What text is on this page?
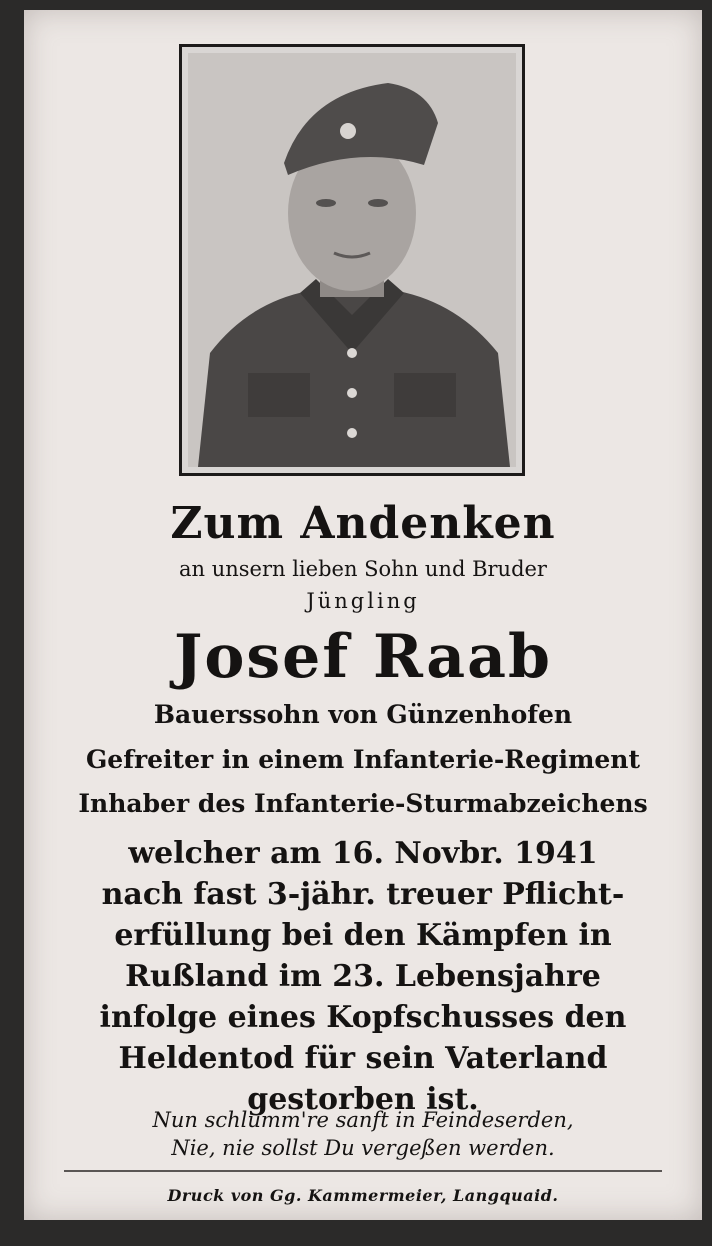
Zum Andenken
an unsern lieben Sohn und Bruder
Jüngling
Josef Raab
Bauerssohn von Günzenhofen
Gefreiter in einem Infanterie-Regiment
Inhaber des Infanterie-Sturmabzeichens
welcher am 16. Novbr. 1941
nach fast 3-jähr. treuer Pflicht-
erfüllung bei den Kämpfen in
Rußland im 23. Lebensjahre
infolge eines Kopfschusses den
Heldentod für sein Vaterland
gestorben ist.
Nun schlumm're sanft in Feindeserden,
Nie, nie sollst Du vergeßen werden.
Druck von Gg. Kammermeier, Langquaid.
